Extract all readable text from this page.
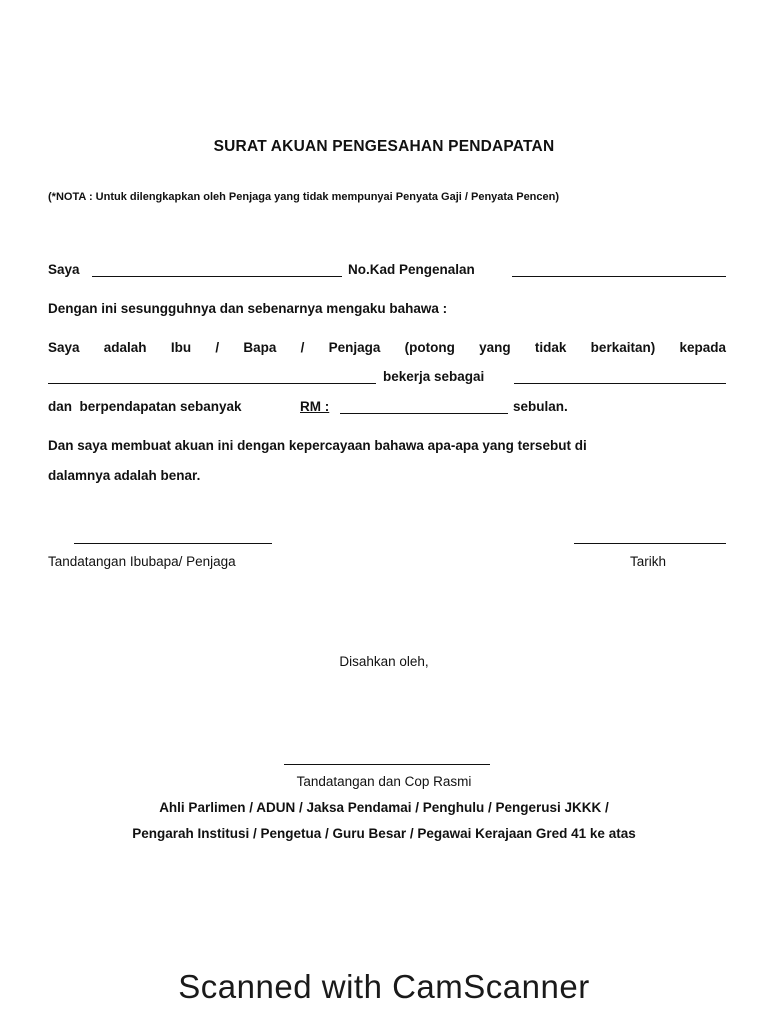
SURAT AKUAN PENGESAHAN PENDAPATAN
(*NOTA : Untuk dilengkapkan oleh Penjaga yang tidak mempunyai Penyata Gaji / Penyata Pencen)
Saya	No.Kad Pengenalan
Dengan ini sesungguhnya dan sebenarnya mengaku bahawa :
Saya adalah Ibu / Bapa / Penjaga (potong yang tidak berkaitan) kepada
bekerja sebagai
dan  berpendapatan sebanyak	RM :	sebulan.
Dan saya membuat akuan ini dengan kepercayaan bahawa apa-apa yang tersebut di
dalamnya adalah benar.
Tandatangan Ibubapa/ Penjaga	Tarikh
Disahkan oleh,
Tandatangan dan Cop Rasmi
Ahli Parlimen / ADUN / Jaksa Pendamai / Penghulu / Pengerusi JKKK /
Pengarah Institusi / Pengetua / Guru Besar / Pegawai Kerajaan Gred 41 ke atas
Scanned with CamScanner
